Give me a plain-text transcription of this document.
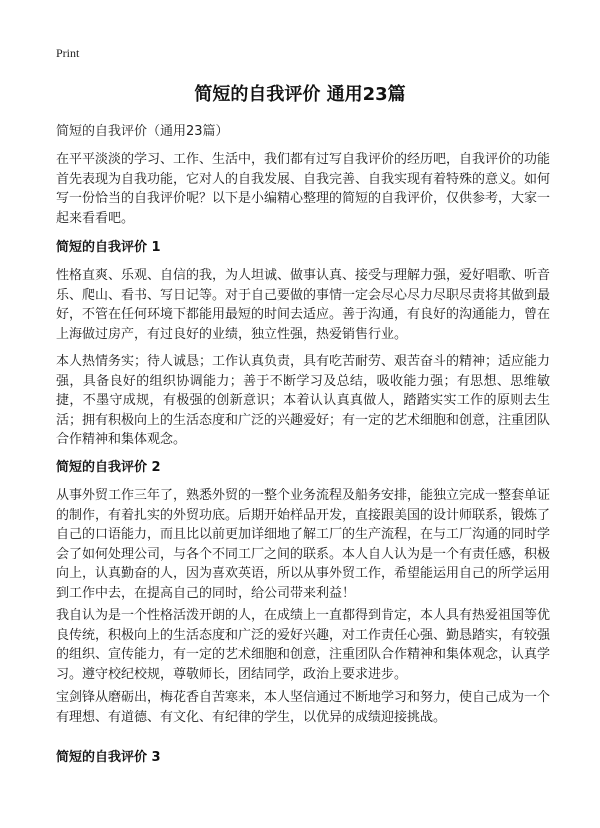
Print
简短的自我评价 通用23篇
简短的自我评价（通用23篇）
在平平淡淡的学习、工作、生活中，我们都有过写自我评价的经历吧，自我评价的功能首先表现为自我功能，它对人的自我发展、自我完善、自我实现有着特殊的意义。如何写一份恰当的自我评价呢？以下是小编精心整理的简短的自我评价，仅供参考，大家一起来看看吧。
简短的自我评价 1
性格直爽、乐观、自信的我，为人坦诚、做事认真、接受与理解力强，爱好唱歌、听音乐、爬山、看书、写日记等。对于自己要做的事情一定会尽心尽力尽职尽责将其做到最好，不管在任何环境下都能用最短的时间去适应。善于沟通，有良好的沟通能力，曾在上海做过房产，有过良好的业绩，独立性强，热爱销售行业。
本人热情务实；待人诚恳；工作认真负责，具有吃苦耐劳、艰苦奋斗的精神；适应能力强，具备良好的组织协调能力；善于不断学习及总结，吸收能力强；有思想、思维敏捷，不墨守成规，有极强的创新意识；本着认认真真做人，踏踏实实工作的原则去生活；拥有积极向上的生活态度和广泛的兴趣爱好；有一定的艺术细胞和创意，注重团队合作精神和集体观念。
简短的自我评价 2
从事外贸工作三年了，熟悉外贸的一整个业务流程及船务安排，能独立完成一整套单证的制作，有着扎实的外贸功底。后期开始样品开发，直接跟美国的设计师联系，锻炼了自己的口语能力，而且比以前更加详细地了解工厂的生产流程，在与工厂沟通的同时学会了如何处理公司，与各个不同工厂之间的联系。本人自人认为是一个有责任感，积极向上，认真勤奋的人，因为喜欢英语，所以从事外贸工作，希望能运用自己的所学运用到工作中去，在提高自己的同时，给公司带来利益！
我自认为是一个性格活泼开朗的人，在成绩上一直都得到肯定，本人具有热爱祖国等优良传统，积极向上的生活态度和广泛的爱好兴趣，对工作责任心强、勤恳踏实，有较强的组织、宣传能力，有一定的艺术细胞和创意，注重团队合作精神和集体观念，认真学习。遵守校纪校规，尊敬师长，团结同学，政治上要求进步。
宝剑锋从磨砺出，梅花香自苦寒来，本人坚信通过不断地学习和努力，使自己成为一个有理想、有道德、有文化、有纪律的学生，以优异的成绩迎接挑战。
简短的自我评价 3
